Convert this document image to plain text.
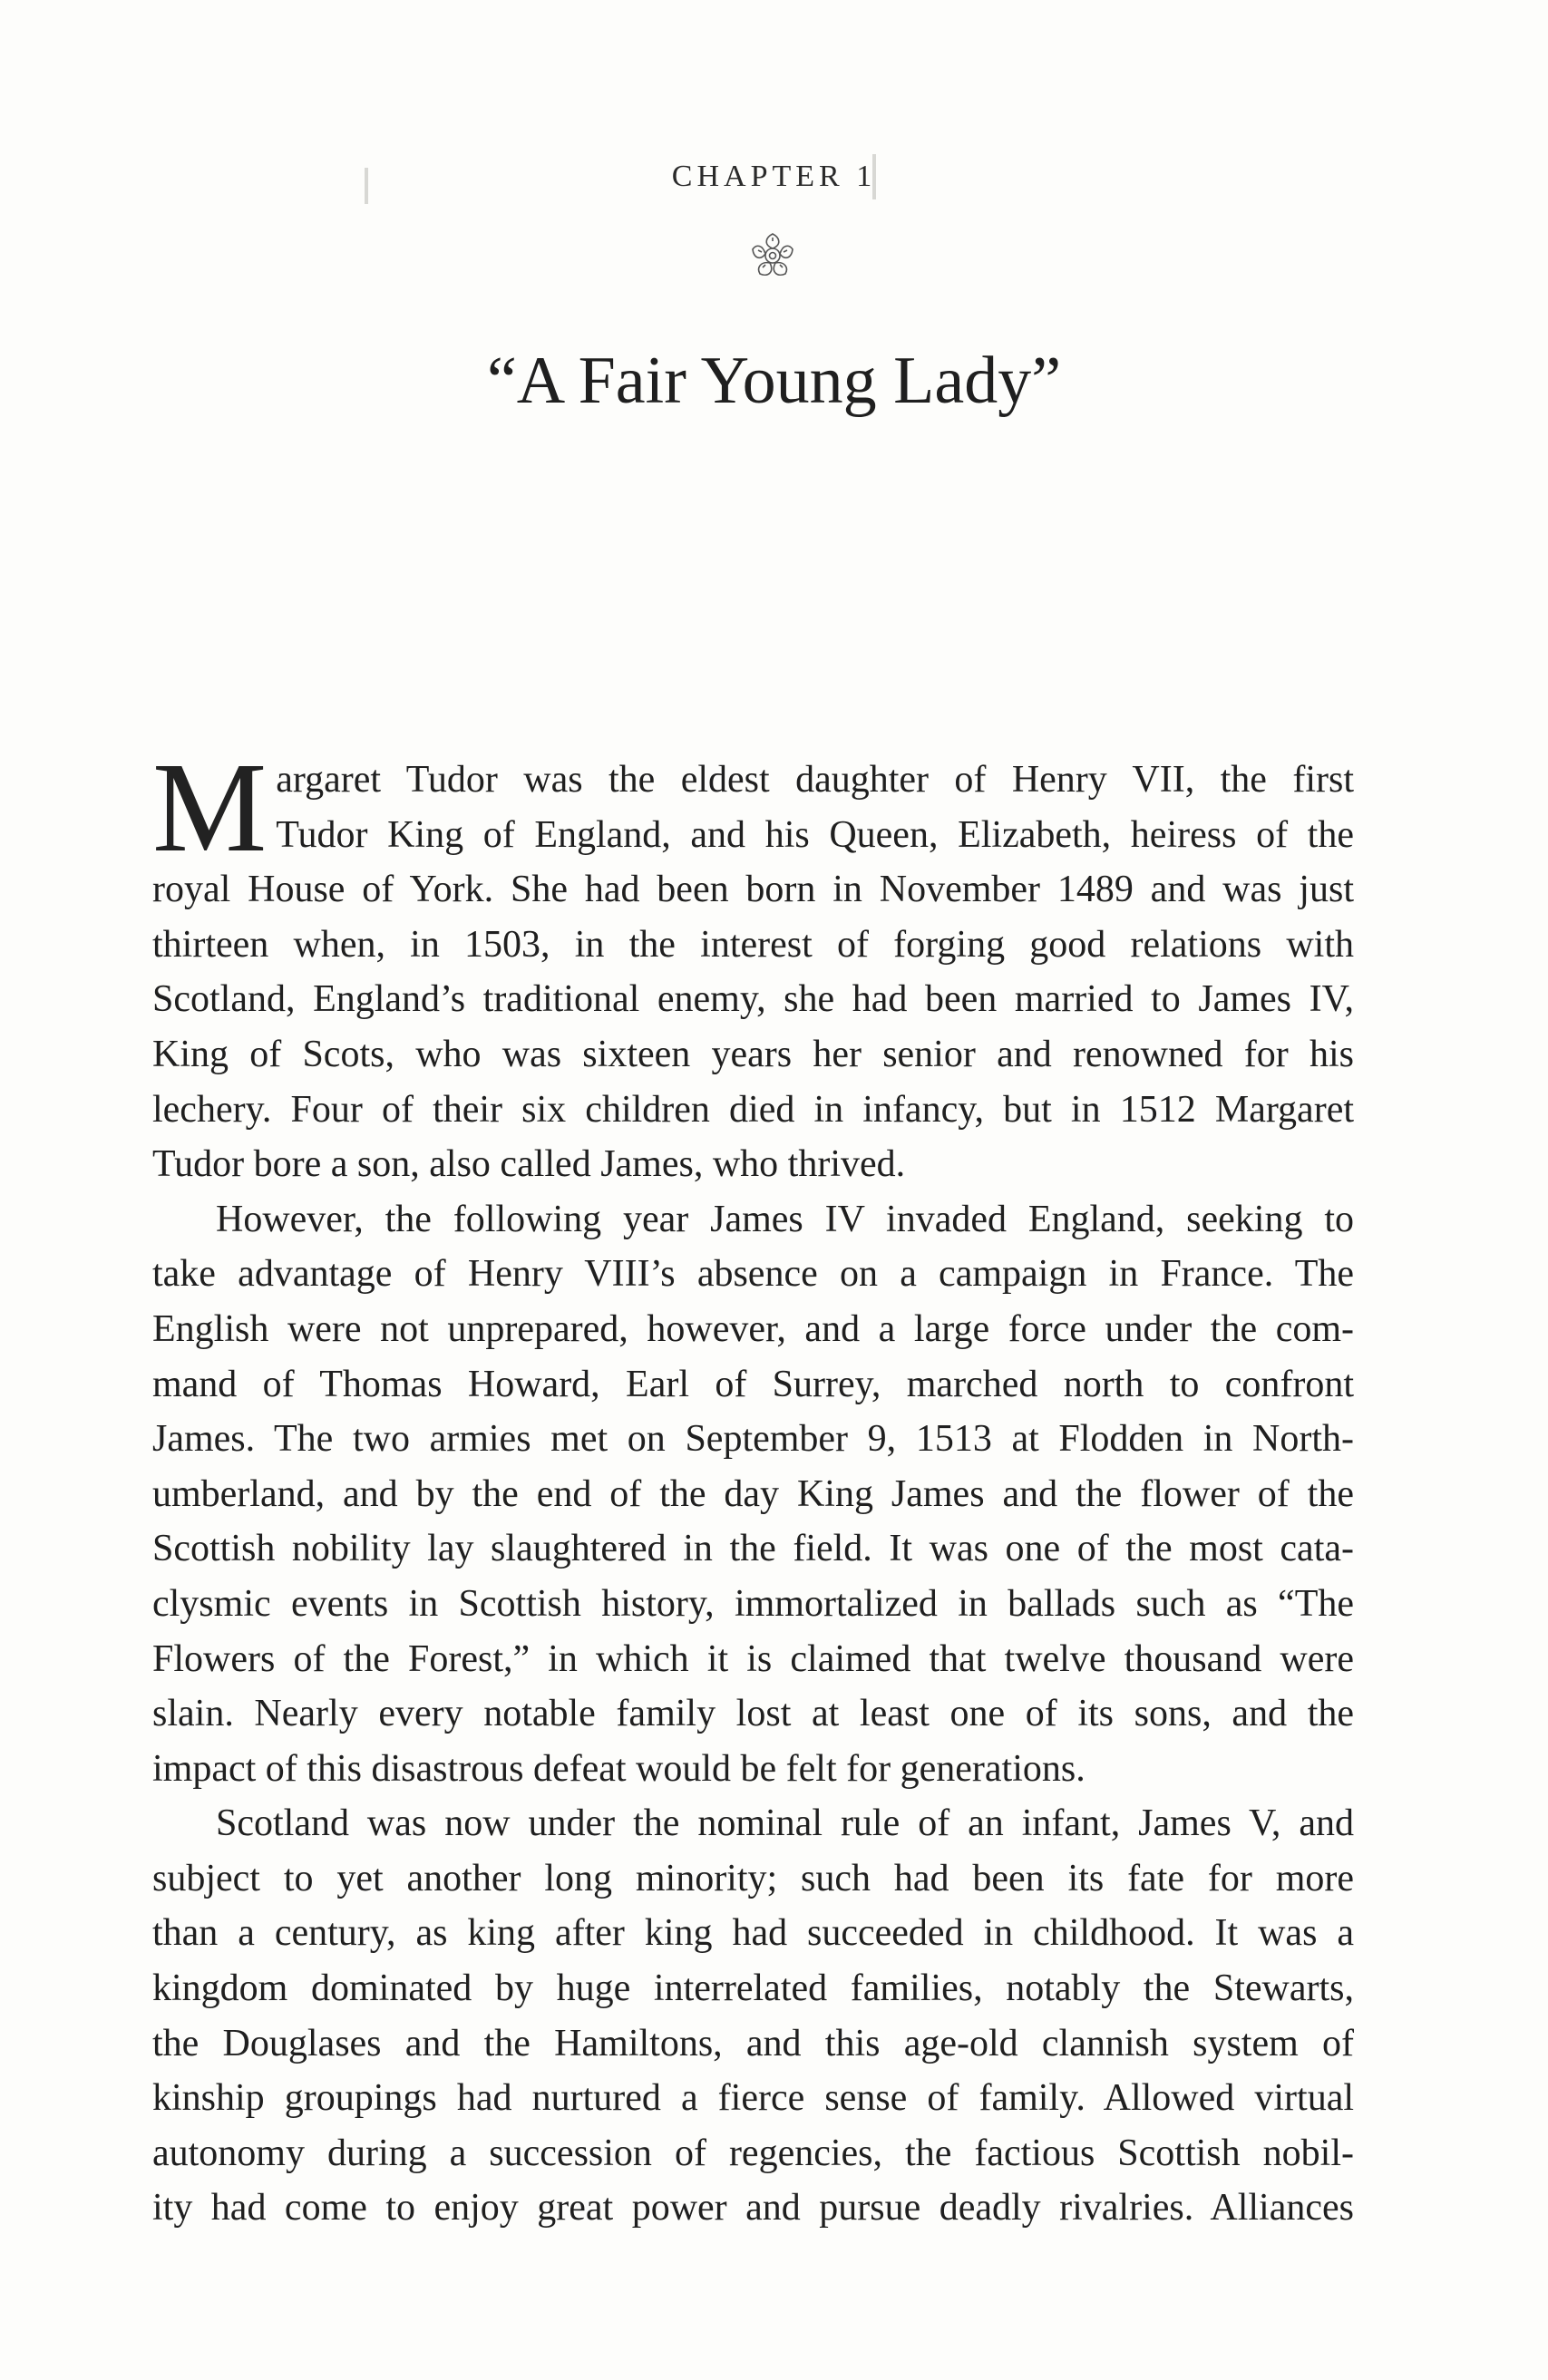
CHAPTER 1
“A Fair Young Lady”
M argaret Tudor was the eldest daughter of Henry VII, the first
Tudor King of England, and his Queen, Elizabeth, heiress of the
royal House of York. She had been born in November 1489 and was just
thirteen when, in 1503, in the interest of forging good relations with
Scotland, England’s traditional enemy, she had been married to James IV,
King of Scots, who was sixteen years her senior and renowned for his
lechery. Four of their six children died in infancy, but in 1512 Margaret
Tudor bore a son, also called James, who thrived.
However, the following year James IV invaded England, seeking to
take advantage of Henry VIII’s absence on a campaign in France. The
English were not unprepared, however, and a large force under the com-
mand of Thomas Howard, Earl of Surrey, marched north to confront
James. The two armies met on September 9, 1513 at Flodden in North-
umberland, and by the end of the day King James and the flower of the
Scottish nobility lay slaughtered in the field. It was one of the most cata-
clysmic events in Scottish history, immortalized in ballads such as “The
Flowers of the Forest,” in which it is claimed that twelve thousand were
slain. Nearly every notable family lost at least one of its sons, and the
impact of this disastrous defeat would be felt for generations.
Scotland was now under the nominal rule of an infant, James V, and
subject to yet another long minority; such had been its fate for more
than a century, as king after king had succeeded in childhood. It was a
kingdom dominated by huge interrelated families, notably the Stewarts,
the Douglases and the Hamiltons, and this age-old clannish system of
kinship groupings had nurtured a fierce sense of family. Allowed virtual
autonomy during a succession of regencies, the factious Scottish nobil-
ity had come to enjoy great power and pursue deadly rivalries. Alliances
